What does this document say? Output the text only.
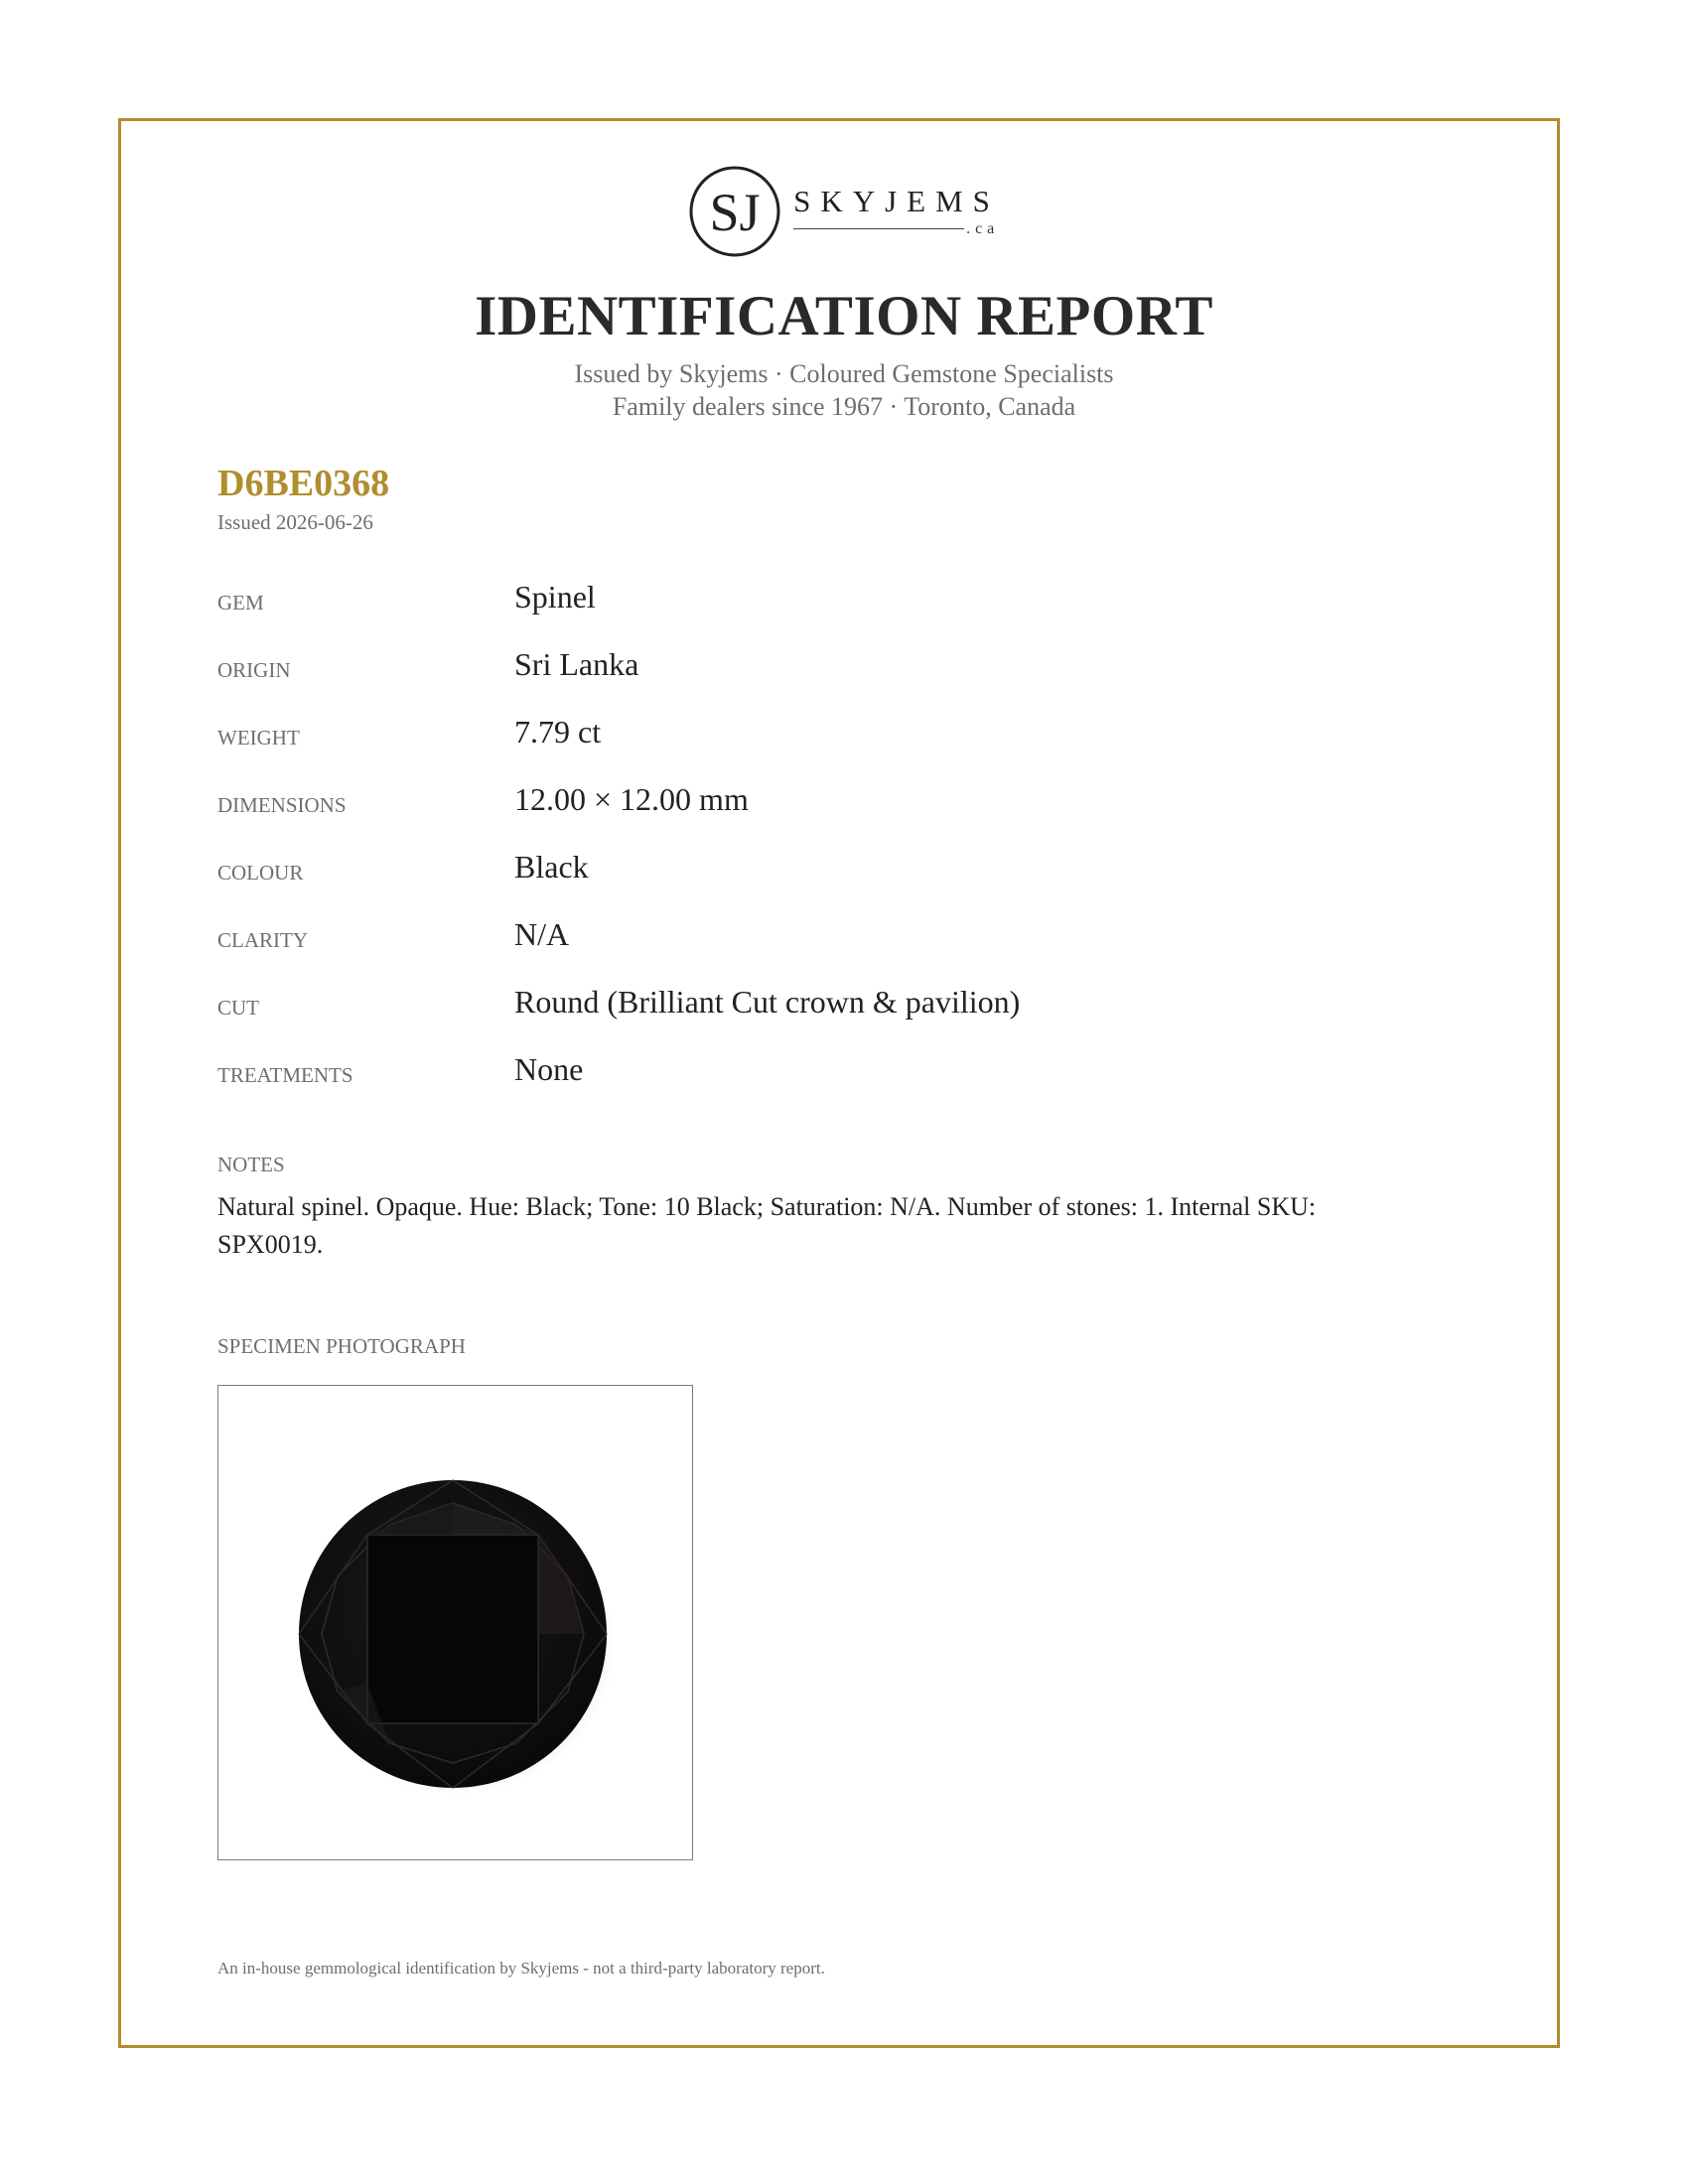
SJ SKYJEMS
.ca
IDENTIFICATION REPORT
Issued by Skyjems · Coloured Gemstone Specialists
Family dealers since 1967 · Toronto, Canada
D6BE0368
Issued 2026-06-26
GEM	Spinel
ORIGIN	Sri Lanka
WEIGHT	7.79 ct
DIMENSIONS	12.00 × 12.00 mm
COLOUR	Black
CLARITY	N/A
CUT	Round (Brilliant Cut crown & pavilion)
TREATMENTS	None
NOTES
Natural spinel. Opaque. Hue: Black; Tone: 10 Black; Saturation: N/A. Number of stones: 1. Internal SKU: SPX0019.
SPECIMEN PHOTOGRAPH
An in-house gemmological identification by Skyjems - not a third-party laboratory report.
